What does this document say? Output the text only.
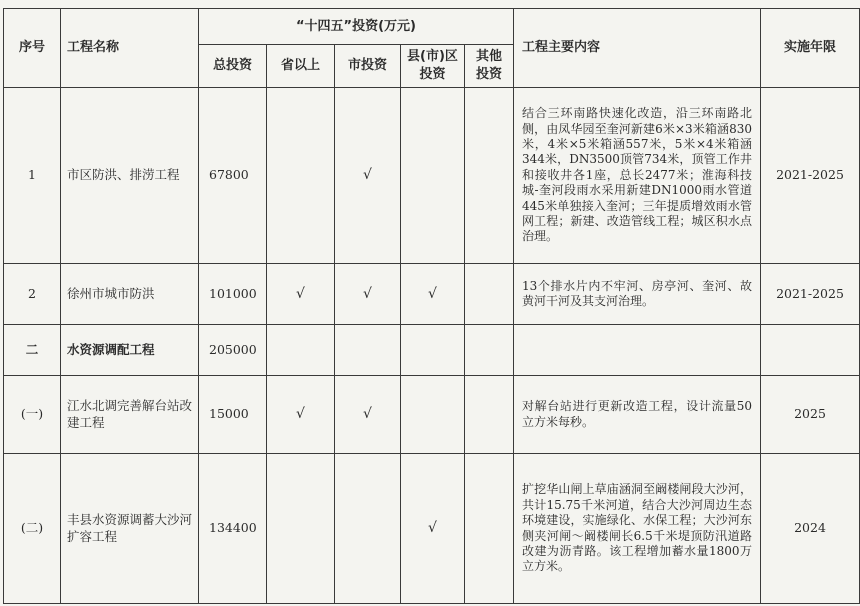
序号	工程名称	“十四五”投资(万元)					工程主要内容	实施年限
		总投资	省以上	市投资	县(市)区投资	其他投资		
1	市区防洪、排涝工程	67800		√			结合三环南路快速化改造，沿三环南路北侧，由凤华园至奎河新建6米×3米箱涵830米，4米×5米箱涵557米，5米×4米箱涵344米，DN3500顶管734米，顶管工作井和接收井各1座，总长2477米；淮海科技城-奎河段雨水采用新建DN1000雨水管道445米单独接入奎河；三年提质增效雨水管网工程；新建、改造管线工程；城区积水点治理。	2021-2025
2	徐州市城市防洪	101000	√	√	√		13个排水片内不牢河、房亭河、奎河、故黄河干河及其支河治理。	2021-2025
二	水资源调配工程	205000						
(一)	江水北调完善解台站改建工程	15000	√	√			对解台站进行更新改造工程，设计流量50立方米每秒。	2025
(二)	丰县水资源调蓄大沙河扩容工程	134400			√		扩挖华山闸上草庙涵洞至阚楼闸段大沙河，共计15.75千米河道，结合大沙河周边生态环境建设，实施绿化、水保工程；大沙河东侧夹河闸～阚楼闸长6.5千米堤顶防汛道路改建为沥青路。该工程增加蓄水量1800万立方米。	2024
